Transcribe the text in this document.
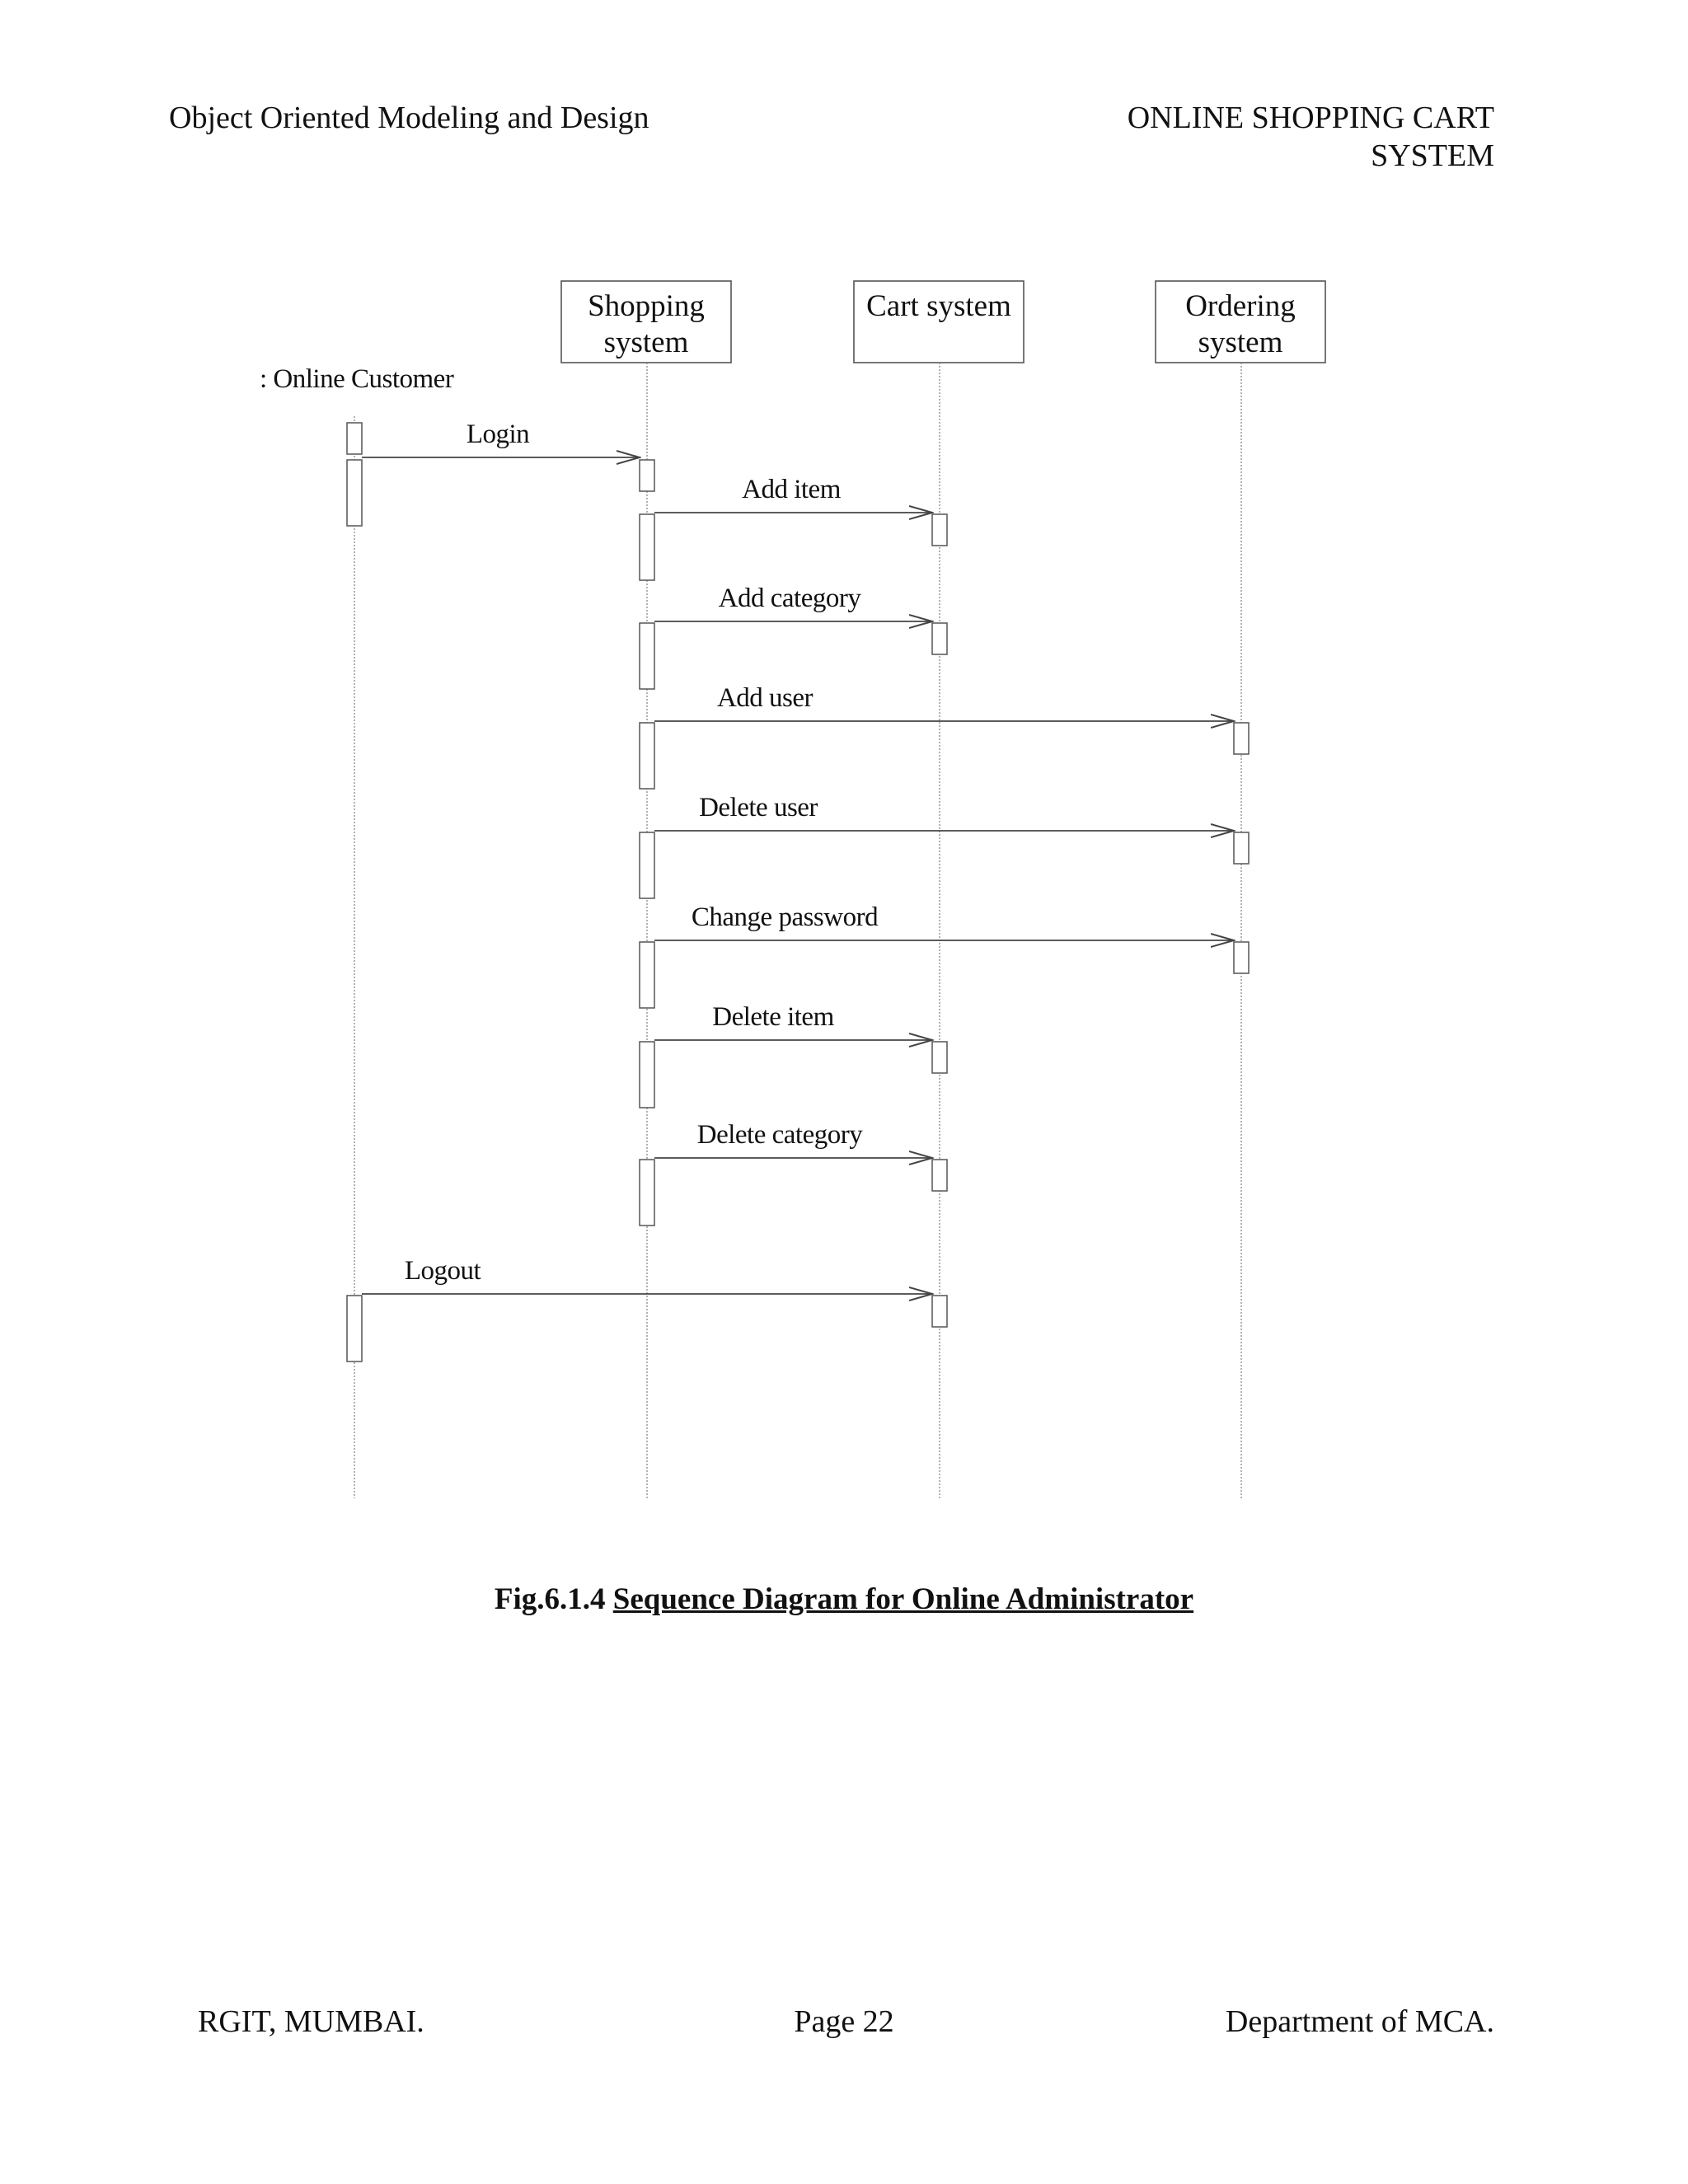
Object Oriented Modeling and Design	ONLINE SHOPPING CART
SYSTEM
: Online Customer
Shopping
system
Cart system	Ordering
system
Login
Add item
Add category
Add user
Delete user
Change password
Delete item
Delete category
Logout
Fig.6.1.4 Sequence Diagram for Online Administrator
RGIT, MUMBAI.	Page 22	Department of MCA.
